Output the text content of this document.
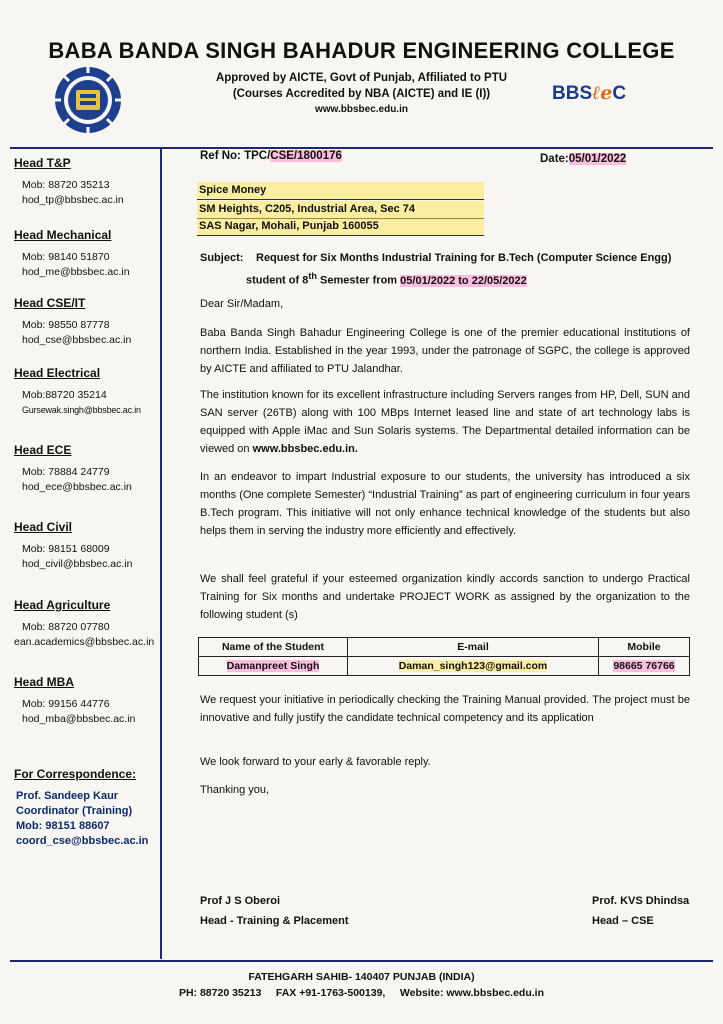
BABA BANDA SINGH BAHADUR ENGINEERING COLLEGE
Approved by AICTE, Govt of Punjab, Affiliated to PTU
(Courses Accredited by NBA (AICTE) and IE (I))
www.bbsbec.edu.in
BBSℓeC
Head T&P
Mob: 88720 35213
hod_tp@bbsbec.ac.in
Head Mechanical
Mob: 98140 51870
hod_me@bbsbec.ac.in
Head CSE/IT
Mob: 98550 87778
hod_cse@bbsbec.ac.in
Head Electrical
Mob:88720 35214
Gursewak.singh@bbsbec.ac.in
Head ECE
Mob: 78884 24779
hod_ece@bbsbec.ac.in
Head Civil
Mob: 98151 68009
hod_civil@bbsbec.ac.in
Head Agriculture
Mob: 88720 07780
ean.academics@bbsbec.ac.in
Head MBA
Mob: 99156 44776
hod_mba@bbsbec.ac.in
For Correspondence:
Prof. Sandeep Kaur
Coordinator (Training)
Mob: 98151 88607
coord_cse@bbsbec.ac.in
Ref No: TPC/CSE/1800176	Date:05/01/2022
Spice Money
SM Heights, C205, Industrial Area, Sec 74
SAS Nagar, Mohali, Punjab 160055
Subject: Request for Six Months Industrial Training for B.Tech (Computer Science Engg)
student of 8th Semester from 05/01/2022 to 22/05/2022
Dear Sir/Madam,
Baba Banda Singh Bahadur Engineering College is one of the premier educational institutions of northern India. Established in the year 1993, under the patronage of SGPC, the college is approved by AICTE and affiliated to PTU Jalandhar.
The institution known for its excellent infrastructure including Servers ranges from HP, Dell, SUN and SAN server (26TB) along with 100 MBps Internet leased line and state of art technology labs is equipped with Apple iMac and Sun Solaris systems. The Departmental detailed information can be viewed on www.bbsbec.edu.in.
In an endeavor to impart Industrial exposure to our students, the university has introduced a six months (One complete Semester) “Industrial Training” as part of engineering curriculum in four years B.Tech program. This initiative will not only enhance technical knowledge of the students but also helps them in serving the industry more efficiently and effectively.
We shall feel grateful if your esteemed organization kindly accords sanction to undergo Practical Training for Six months and undertake PROJECT WORK as assigned by the organization to the following student (s)
Name of the Student	E-mail	Mobile
Damanpreet Singh	Daman_singh123@gmail.com	98665 76766
We request your initiative in periodically checking the Training Manual provided. The project must be innovative and fully justify the candidate technical competency and its application
We look forward to your early & favorable reply.
Thanking you,
Prof J S Oberoi
Head - Training & Placement
Prof. KVS Dhindsa
Head – CSE
FATEHGARH SAHIB- 140407 PUNJAB (INDIA)
PH: 88720 35213     FAX +91-1763-500139,     Website: www.bbsbec.edu.in
